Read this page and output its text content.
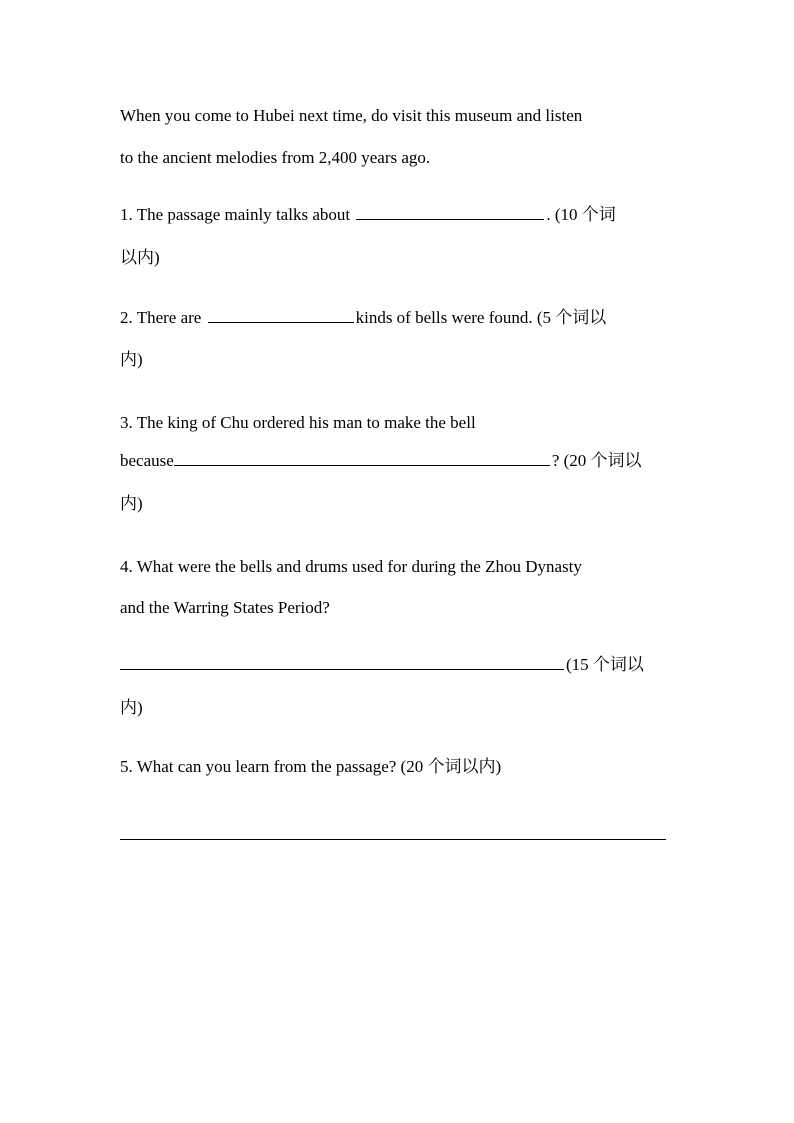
When you come to Hubei next time, do visit this museum and listen
to the ancient melodies from 2,400 years ago.
1. The passage mainly talks about	. (10 个词
以内)
2. There are	kinds of bells were found. (5 个词以
内)
3. The king of Chu ordered his man to make the bell
because	? (20 个词以
内)
4. What were the bells and drums used for during the Zhou Dynasty
and the Warring States Period?
(15 个词以
内)
5. What can you learn from the passage? (20 个词以内)
